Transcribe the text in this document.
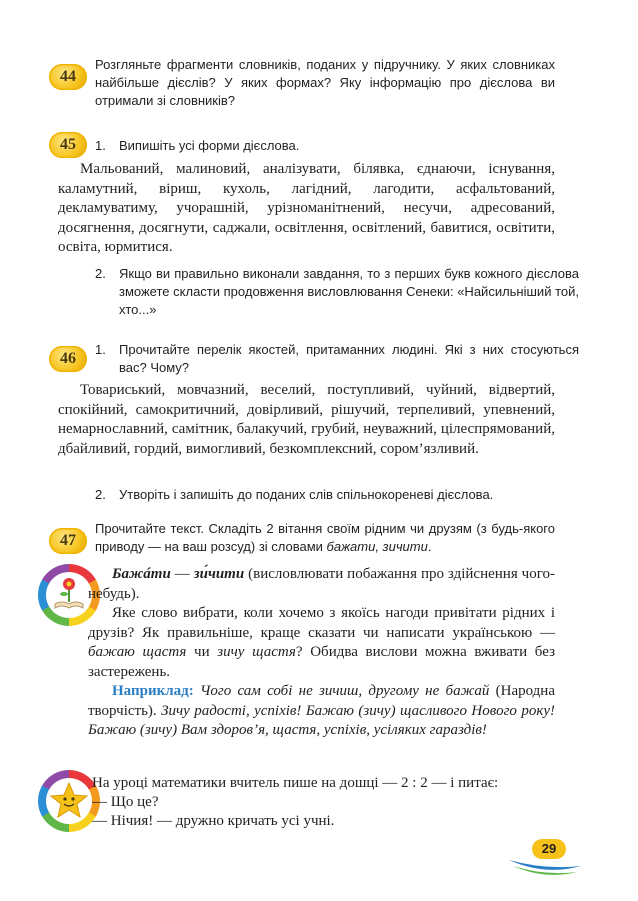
44
Розгляньте фрагменти словників, поданих у підручнику. У яких словниках найбільше дієслів? У яких формах? Яку інформацію про дієслова ви отримали зі словників?
45	1. Випишіть усі форми дієслова.
Мальований, малиновий, аналізувати, білявка, єднаючи, існування, каламутний, віриш, кухоль, лагідний, лагодити, асфальтований, декламуватиму, учорашній, урізноманітнений, несучи, адресований, досягнення, досягнути, саджали, освітлення, освітлений, бавитися, освітити, освіта, юрмитися.
2. Якщо ви правильно виконали завдання, то з перших букв кожного дієслова зможете скласти продовження висловлювання Сенеки: «Найсильніший той, хто...»
46
1. Прочитайте перелік якостей, притаманних людині. Які з них стосуються вас? Чому?
Товариський, мовчазний, веселий, поступливий, чуйний, відвертий, спокійний, самокритичний, довірливий, рішучий, терпеливий, упевнений, немарнославний, самітник, балакучий, грубий, неуважний, цілеспрямований, дбайливий, гордий, вимогливий, безкомплексний, сором’язливий.
2. Утворіть і запишіть до поданих слів спільнокореневі дієслова.
47
Прочитайте текст. Складіть 2 вітання своїм рідним чи друзям (з будь-якого приводу — на ваш розсуд) зі словами бажати, зичити.
Бажáти — зи́чити (висловлювати побажання про здійснення чого-небудь).
Яке слово вибрати, коли хочемо з якоїсь нагоди привітати рідних і друзів? Як правильніше, краще сказати чи написати українською — бажаю щастя чи зичу щастя? Обидва вислови можна вживати без застережень.
Наприклад: Чого сам собі не зичиш, другому не бажай (Народна творчість). Зичу радості, успіхів! Бажаю (зичу) щасливого Нового року! Бажаю (зичу) Вам здоров’я, щастя, успіхів, усіляких гараздів!
На уроці математики вчитель пише на дошці — 2 : 2 — і питає:
— Що це?
— Нічия! — дружно кричать усі учні.
29
